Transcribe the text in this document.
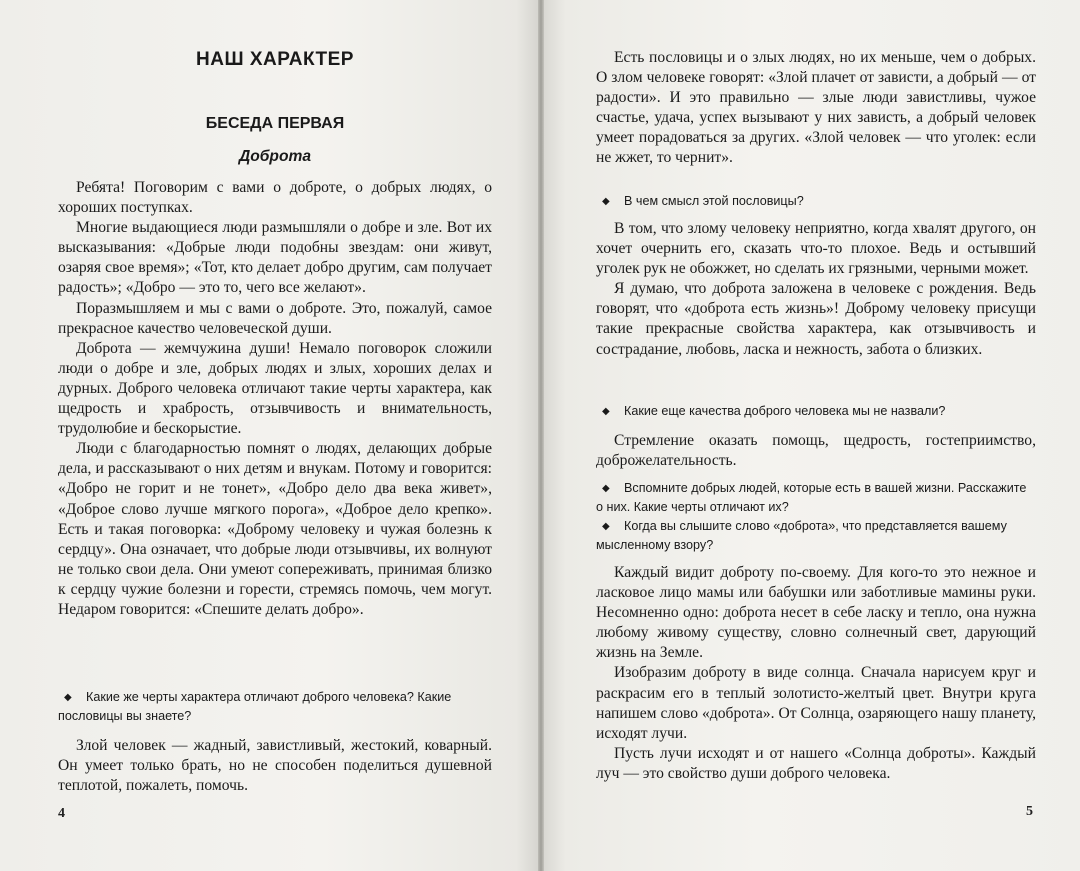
НАШ ХАРАКТЕР
БЕСЕДА ПЕРВАЯ
Доброта

Ребята! Поговорим с вами о доброте, о добрых людях, о хороших поступках.

Многие выдающиеся люди размышляли о добре и зле. Вот их высказывания: «Добрые люди подобны звездам: они живут, озаряя свое время»; «Тот, кто делает добро другим, сам получает радость»; «Добро — это то, чего все желают».

Поразмышляем и мы с вами о доброте. Это, пожалуй, самое прекрасное качество человеческой души.

Доброта — жемчужина души! Немало поговорок сложили люди о добре и зле, добрых людях и злых, хороших делах и дурных. Доброго человека отличают такие черты характера, как щедрость и храбрость, отзывчивость и внимательность, трудолюбие и бескорыстие.

Люди с благодарностью помнят о людях, делающих добрые дела, и рассказывают о них детям и внукам. Потому и говорится: «Добро не горит и не тонет», «Добро дело два века живет», «Доброе слово лучше мягкого порога», «Доброе дело крепко». Есть и такая поговорка: «Доброму человеку и чужая болезнь к сердцу». Она означает, что добрые люди отзывчивы, их волнуют не только свои дела. Они умеют сопереживать, принимая близко к сердцу чужие болезни и горести, стремясь помочь, чем могут. Недаром говорится: «Спешите делать добро».

◆ Какие же черты характера отличают доброго человека? Какие пословицы вы знаете?

Злой человек — жадный, завистливый, жестокий, коварный. Он умеет только брать, но не способен поделиться душевной теплотой, пожалеть, помочь.

4

Есть пословицы и о злых людях, но их меньше, чем о добрых. О злом человеке говорят: «Злой плачет от зависти, а добрый — от радости». И это правильно — злые люди завистливы, чужое счастье, удача, успех вызывают у них зависть, а добрый человек умеет порадоваться за других. «Злой человек — что уголек: если не жжет, то чернит».

◆ В чем смысл этой пословицы?

В том, что злому человеку неприятно, когда хвалят другого, он хочет очернить его, сказать что-то плохое. Ведь и остывший уголек рук не обожжет, но сделать их грязными, черными может.

Я думаю, что доброта заложена в человеке с рождения. Ведь говорят, что «доброта есть жизнь»! Доброму человеку присущи такие прекрасные свойства характера, как отзывчивость и сострадание, любовь, ласка и нежность, забота о близких.

◆ Какие еще качества доброго человека мы не назвали?

Стремление оказать помощь, щедрость, гостеприимство, доброжелательность.

◆ Вспомните добрых людей, которые есть в вашей жизни. Расскажите о них. Какие черты отличают их?

◆ Когда вы слышите слово «доброта», что представляется вашему мысленному взору?

Каждый видит доброту по-своему. Для кого-то это нежное и ласковое лицо мамы или бабушки или заботливые мамины руки. Несомненно одно: доброта несет в себе ласку и тепло, она нужна любому живому существу, словно солнечный свет, дарующий жизнь на Земле.

Изобразим доброту в виде солнца. Сначала нарисуем круг и раскрасим его в теплый золотисто-желтый цвет. Внутри круга напишем слово «доброта». От Солнца, озаряющего нашу планету, исходят лучи.

Пусть лучи исходят и от нашего «Солнца доброты». Каждый луч — это свойство души доброго человека.

5
